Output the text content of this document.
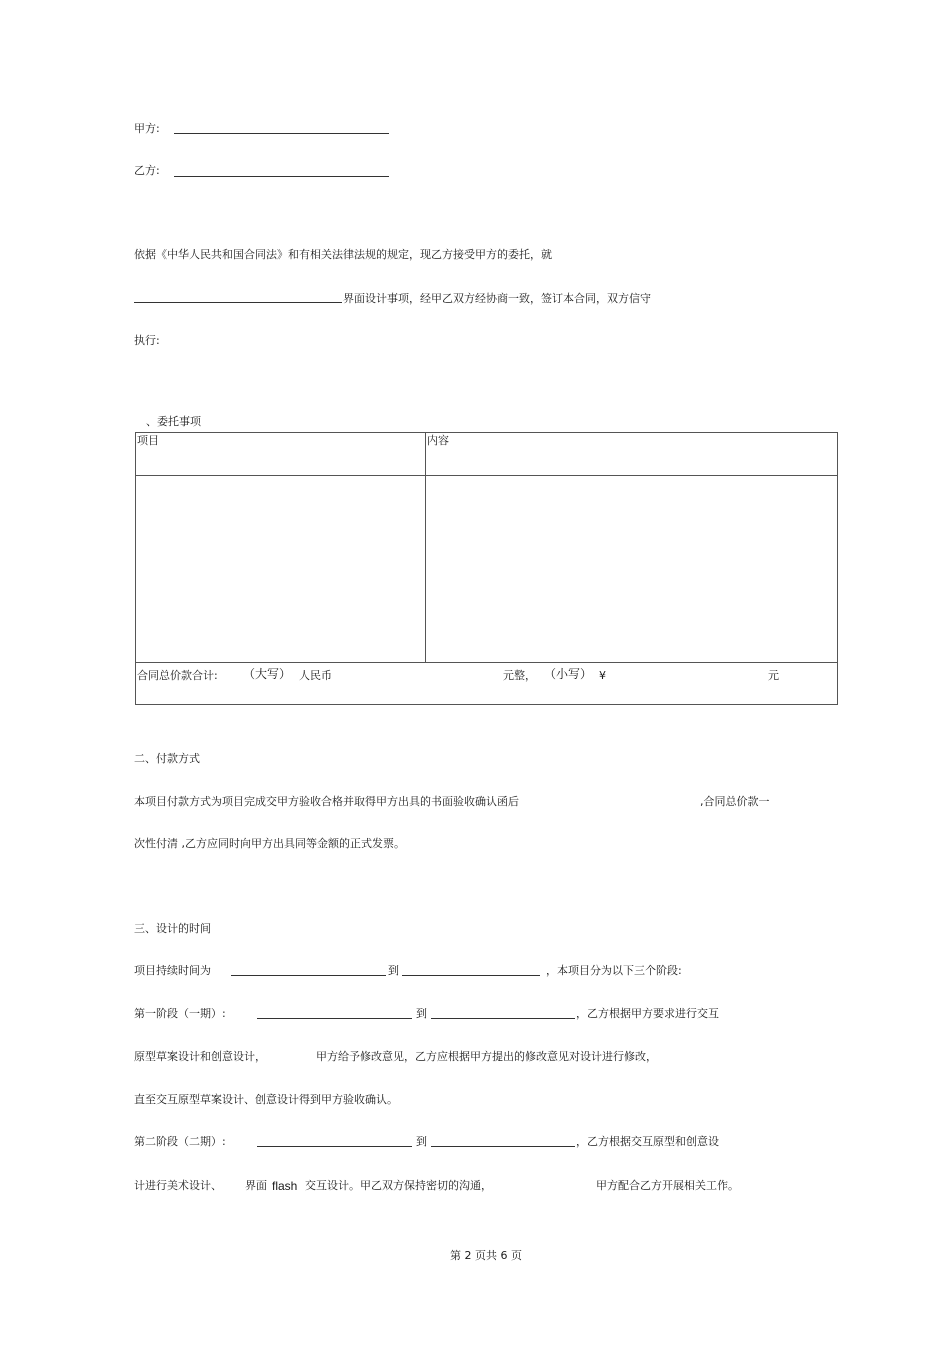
甲方:
乙方:
依据《中华人民共和国合同法》和有相关法律法规的规定，现乙方接受甲方的委托，就
界面设计事项，经甲乙双方经协商一致，签订本合同，双方信守
执行:
、委托事项
项目	内容
合同总价款合计: （大写） 人民币	元整， （小写） ¥	元
二、付款方式
本项目付款方式为项目完成交甲方验收合格并取得甲方出具的书面验收确认函后	,合同总价款一
次性付清 ,乙方应同时向甲方出具同等金额的正式发票。
三、设计的时间
项目持续时间为	到	，本项目分为以下三个阶段:
第一阶段（一期）:	到	，乙方根据甲方要求进行交互
原型草案设计和创意设计，	甲方给予修改意见，乙方应根据甲方提出的修改意见对设计进行修改，
直至交互原型草案设计、创意设计得到甲方验收确认。
第二阶段（二期）:	到	，乙方根据交互原型和创意设
计进行美术设计、 界面 flash 交互设计。甲乙双方保持密切的沟通，	甲方配合乙方开展相关工作。
第 2 页共 6 页
